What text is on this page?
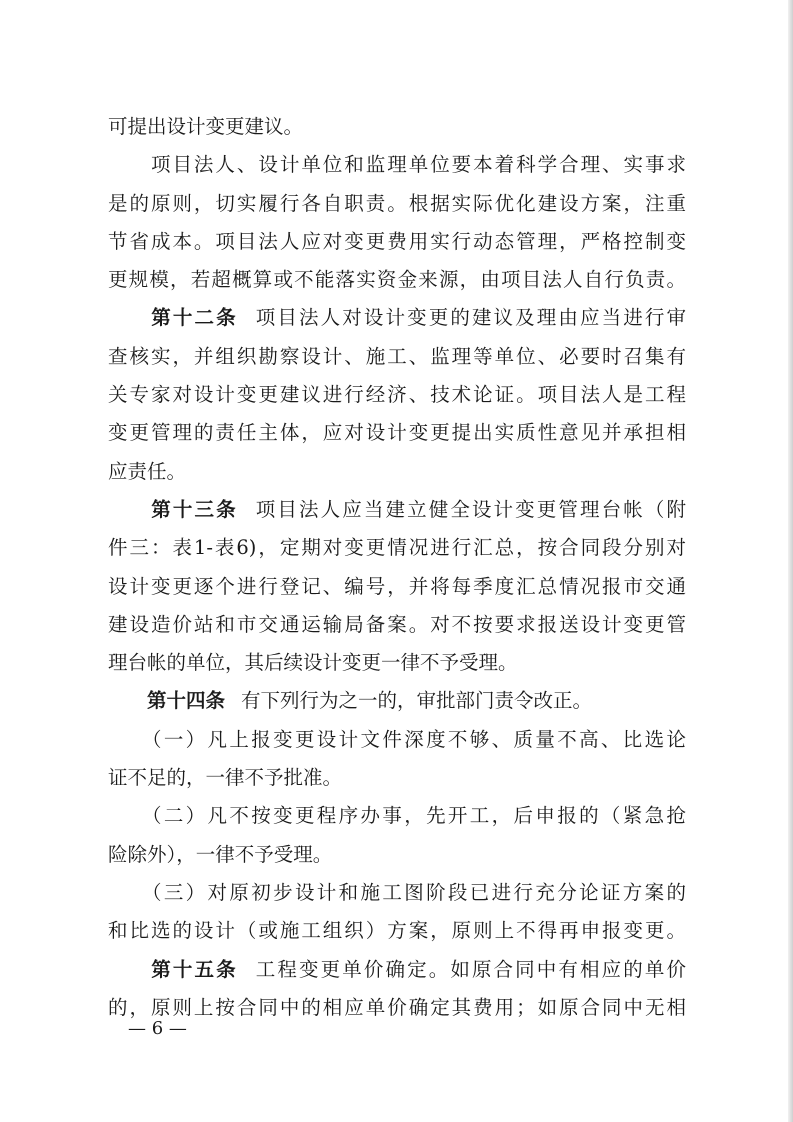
可提出设计变更建议。
　　项目法人、设计单位和监理单位要本着科学合理、实事求
是的原则，切实履行各自职责。根据实际优化建设方案，注重
节省成本。项目法人应对变更费用实行动态管理，严格控制变
更规模，若超概算或不能落实资金来源，由项目法人自行负责。
　　第十二条 项目法人对设计变更的建议及理由应当进行审
查核实，并组织勘察设计、施工、监理等单位、必要时召集有
关专家对设计变更建议进行经济、技术论证。项目法人是工程
变更管理的责任主体，应对设计变更提出实质性意见并承担相
应责任。
　　第十三条 项目法人应当建立健全设计变更管理台帐（附
件三：表1-表6)，定期对变更情况进行汇总，按合同段分别对
设计变更逐个进行登记、编号，并将每季度汇总情况报市交通
建设造价站和市交通运输局备案。对不按要求报送设计变更管
理台帐的单位，其后续设计变更一律不予受理。
　　第十四条 有下列行为之一的，审批部门责令改正。
　　（一）凡上报变更设计文件深度不够、质量不高、比选论
证不足的，一律不予批准。
　　（二）凡不按变更程序办事，先开工，后申报的（紧急抢
险除外），一律不予受理。
　　（三）对原初步设计和施工图阶段已进行充分论证方案的
和比选的设计（或施工组织）方案，原则上不得再申报变更。
　　第十五条 工程变更单价确定。如原合同中有相应的单价
的，原则上按合同中的相应单价确定其费用；如原合同中无相
— 6 —
